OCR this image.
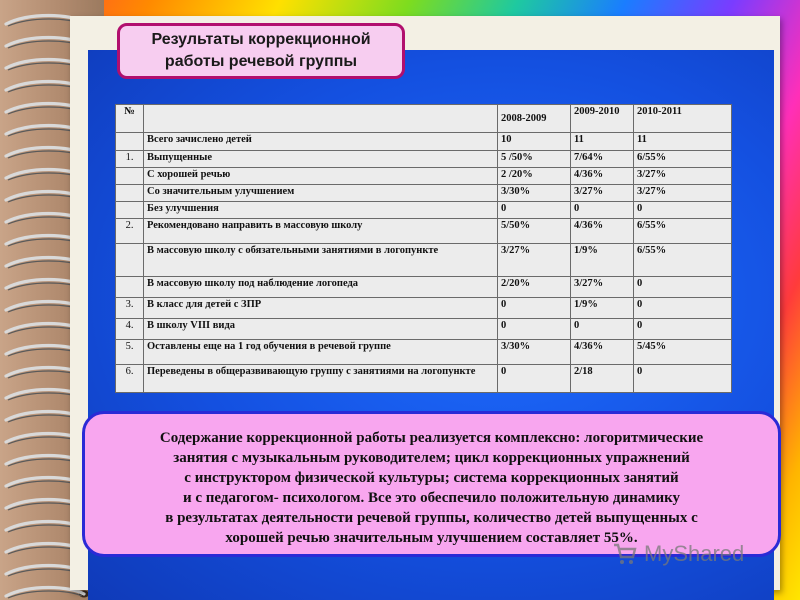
Результаты коррекционной
работы речевой группы
№		2008-2009	2009-2010	2010-2011
	Всего зачислено детей	10	11	11
1.	Выпущенные	5 /50%	7/64%	6/55%
	С хорошей речью	2 /20%	4/36%	3/27%
	Со значительным улучшением	3/30%	3/27%	3/27%
	Без улучшения	0	0	0
2.	Рекомендовано направить в массовую школу	5/50%	4/36%	6/55%
	В массовую школу с обязательными занятиями в логопункте	3/27%	1/9%	6/55%
	В массовую школу под наблюдение логопеда	2/20%	3/27%	0
3.	В класс для детей с ЗПР	0	1/9%	0
4.	В школу VIII вида	0	0	0
5.	Оставлены еще на 1 год обучения в речевой группе	3/30%	4/36%	5/45%
6.	Переведены в общеразвивающую группу с занятиями на логопункте	0	2/18	0
Содержание коррекционной работы реализуется комплексно: логоритмические
занятия с музыкальным руководителем; цикл коррекционных упражнений
с инструктором физической культуры; система коррекционных занятий
и с педагогом- психологом. Все это обеспечило положительную динамику
в результатах деятельности речевой группы, количество детей выпущенных с
хорошей речью значительным улучшением составляет 55%.
MyShared
